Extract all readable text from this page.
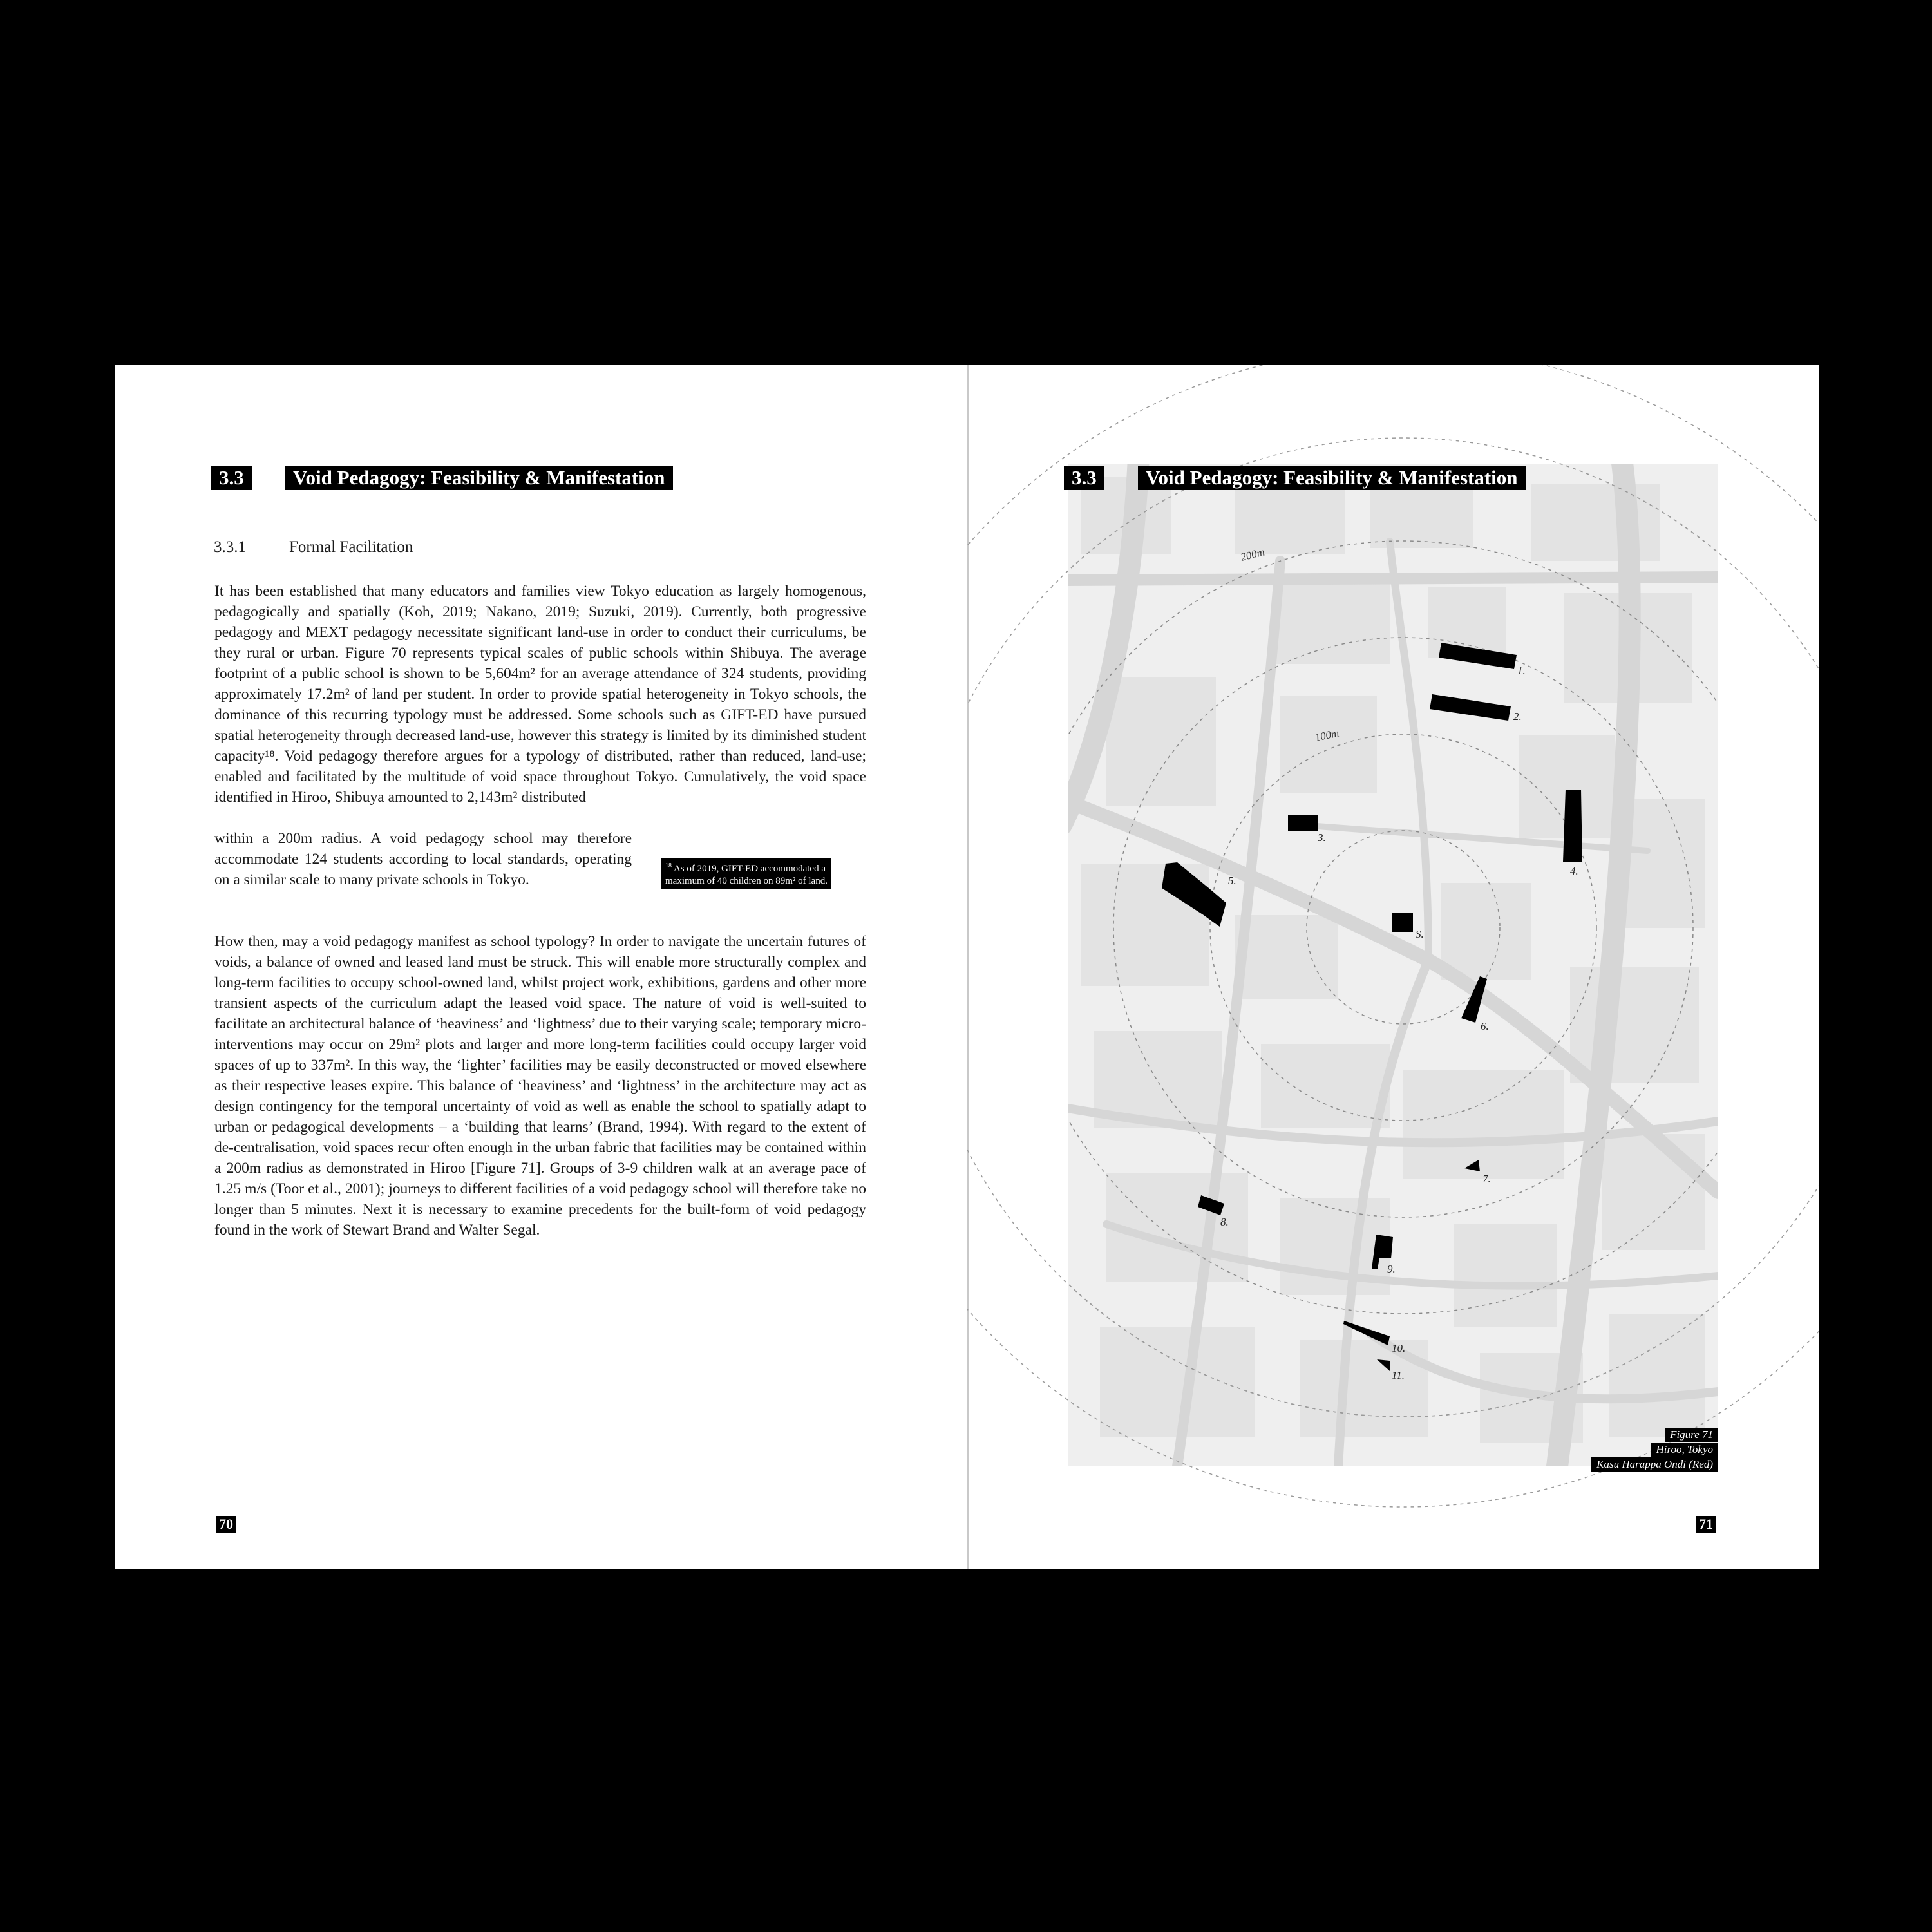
3.3	Void Pedagogy: Feasibility & Manifestation
3.3.1	Formal Facilitation

It has been established that many educators and families view Tokyo education as largely homogenous, pedagogically and spatially (Koh, 2019; Nakano, 2019; Suzuki, 2019). Currently, both progressive pedagogy and MEXT pedagogy necessitate significant land-use in order to conduct their curriculums, be they rural or urban. Figure 70 represents typical scales of public schools within Shibuya. The average footprint of a public school is shown to be 5,604m² for an average attendance of 324 students, providing approximately 17.2m² of land per student. In order to provide spatial heterogeneity in Tokyo schools, the dominance of this recurring typology must be addressed. Some schools such as GIFT-ED have pursued spatial heterogeneity through decreased land-use, however this strategy is limited by its diminished student capacity¹⁸. Void pedagogy therefore argues for a typology of distributed, rather than reduced, land-use; enabled and facilitated by the multitude of void space throughout Tokyo. Cumulatively, the void space identified in Hiroo, Shibuya amounted to 2,143m² distributed

within a 200m radius. A void pedagogy school may therefore accommodate 124 students according to local standards, operating on a similar scale to many private schools in Tokyo.

$^{18}$ As of 2019, GIFT-ED accommodated a
maximum of 40 children on 89m² of land.

How then, may a void pedagogy manifest as school typology? In order to navigate the uncertain futures of voids, a balance of owned and leased land must be struck. This will enable more structurally complex and long-term facilities to occupy school-owned land, whilst project work, exhibitions, gardens and other more transient aspects of the curriculum adapt the leased void space. The nature of void is well-suited to facilitate an architectural balance of ‘heaviness’ and ‘lightness’ due to their varying scale; temporary micro-interventions may occur on 29m² plots and larger and more long-term facilities could occupy larger void spaces of up to 337m². In this way, the ‘lighter’ facilities may be easily deconstructed or moved elsewhere as their respective leases expire. This balance of ‘heaviness’ and ‘lightness’ in the architecture may act as design contingency for the temporal uncertainty of void as well as enable the school to spatially adapt to urban or pedagogical developments – a ‘building that learns’ (Brand, 1994). With regard to the extent of de-centralisation, void spaces recur often enough in the urban fabric that facilities may be contained within a 200m radius as demonstrated in Hiroo [Figure 71]. Groups of 3-9 children walk at an average pace of 1.25 m/s (Toor et al., 2001); journeys to different facilities of a void pedagogy school will therefore take no longer than 5 minutes. Next it is necessary to examine precedents for the built-form of void pedagogy found in the work of Stewart Brand and Walter Segal.

70
100m
200m
1.
2.
3.
4.
5.
S.
6.
7.
8.
9.
10.
11.
3.3	Void Pedagogy: Feasibility & Manifestation
Figure 71
Hiroo, Tokyo
Kasu Harappa Ondi (Red)
71
